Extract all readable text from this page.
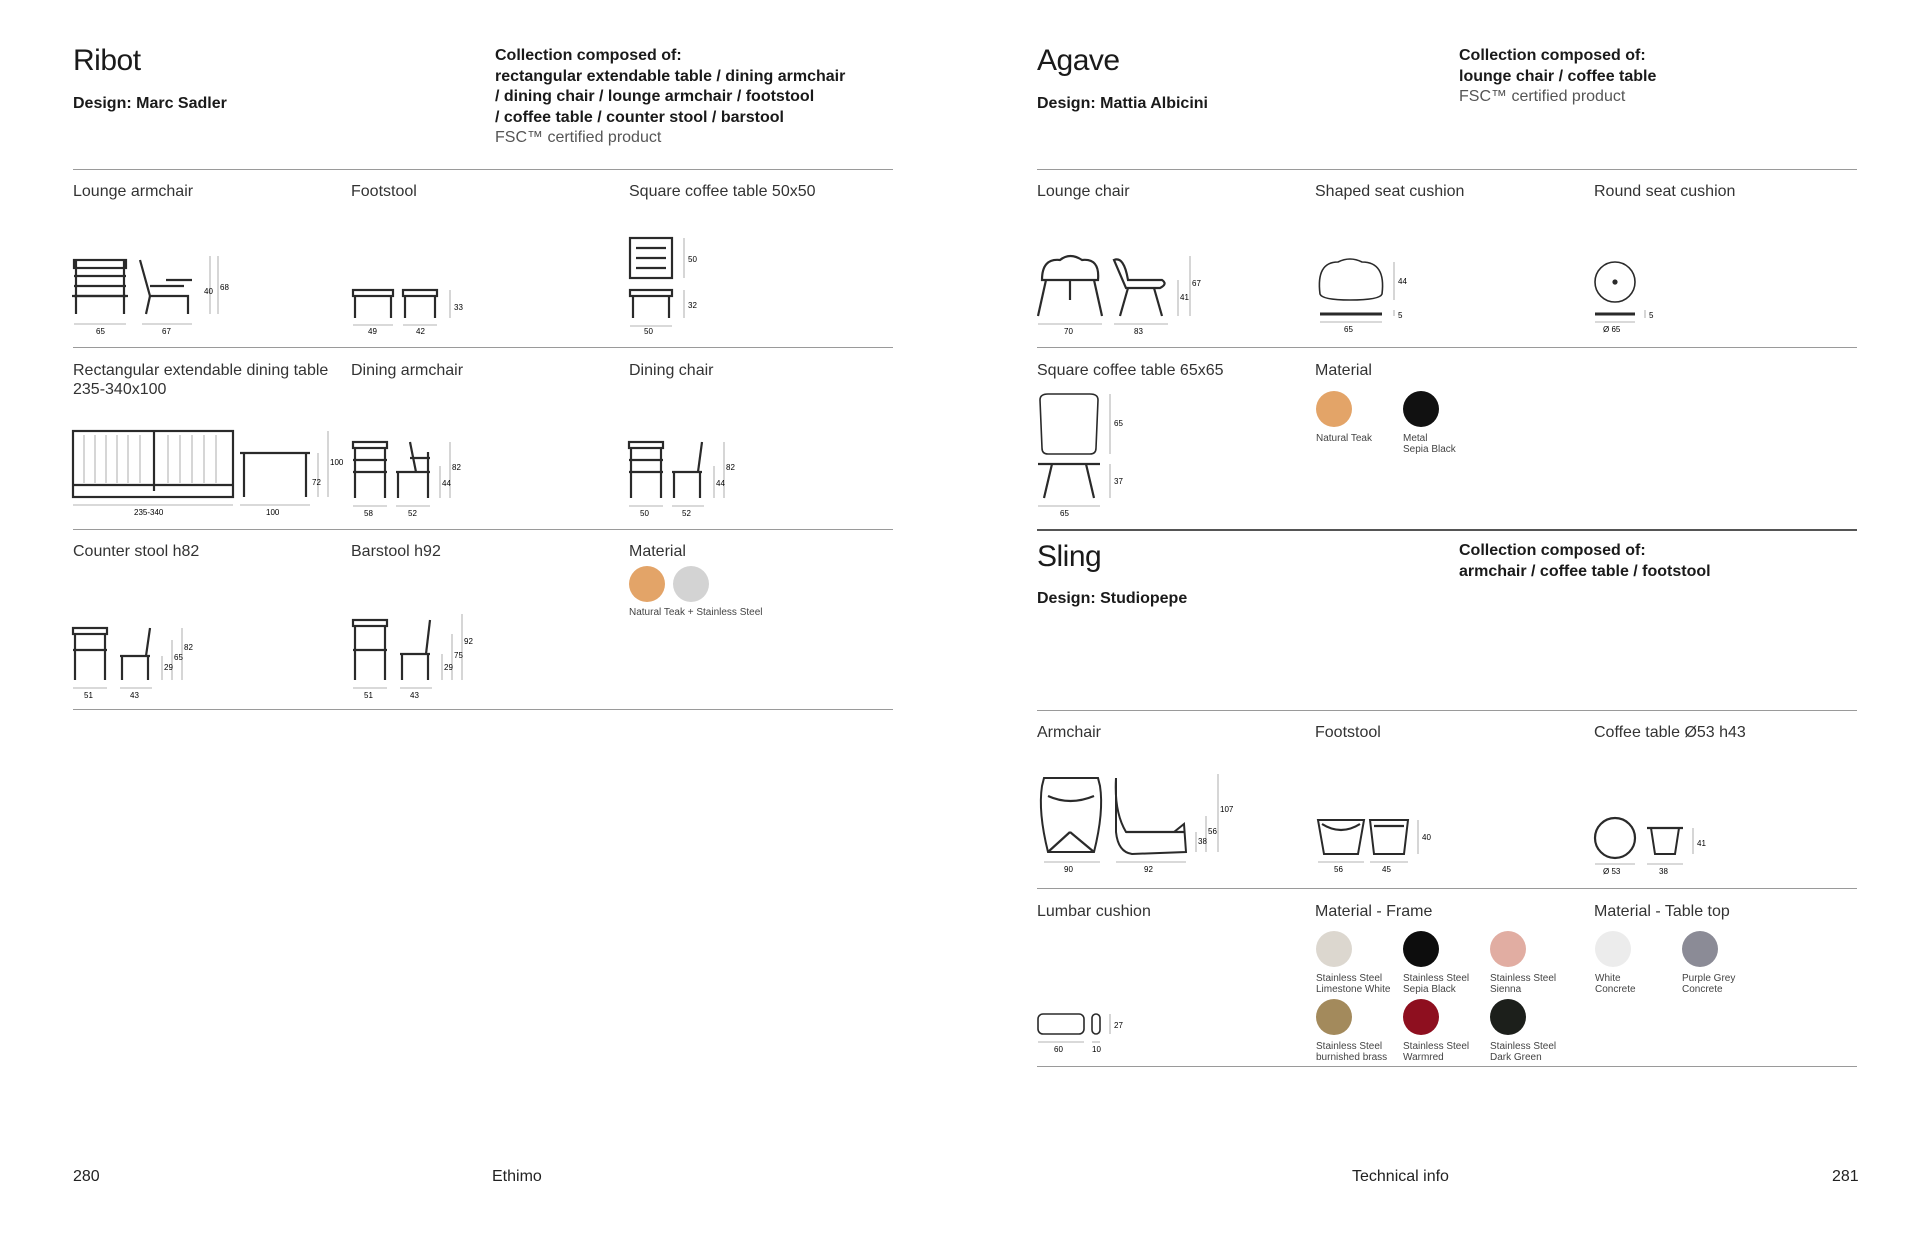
Ribot
Design: Marc Sadler
Collection composed of:
rectangular extendable table / dining armchair
/ dining chair / lounge armchair / footstool
/ coffee table / counter stool / barstool
FSC™ certified product
Lounge armchair
65	67
40 68
Footstool
49	42
33
Square coffee table 50x50
50
50
32
Rectangular extendable dining table
235-340x100
235-340	100
72
100
Dining armchair
58	52
44
82
Dining chair
50	52
44
82
Counter stool h82
51	43
29
65
82
Barstool h92
51	43
29
75
92
Material
Natural Teak + Stainless Steel
Agave
Design: Mattia Albicini
Collection composed of:
lounge chair / coffee table
FSC™ certified product
Lounge chair
70	83
41
67
Shaped seat cushion
65
44
5
Round seat cushion
Ø 65
5
Square coffee table 65x65
65
65
37
Material
Natural Teak	Metal
Sepia Black
Sling
Design: Studiopepe
Collection composed of:
armchair / coffee table / footstool
Armchair
90	92
38
56
107
Footstool
56	45
40
Coffee table Ø53 h43
Ø 53	38
41
Lumbar cushion
60	10
27
Material - Frame
Stainless Steel
Limestone White
Stainless Steel
Sepia Black
Stainless Steel
Sienna
Stainless Steel
burnished brass
Stainless Steel
Warmred
Stainless Steel
Dark Green
Material - Table top
White
Concrete
Purple Grey
Concrete
280	Ethimo	Technical info	281
